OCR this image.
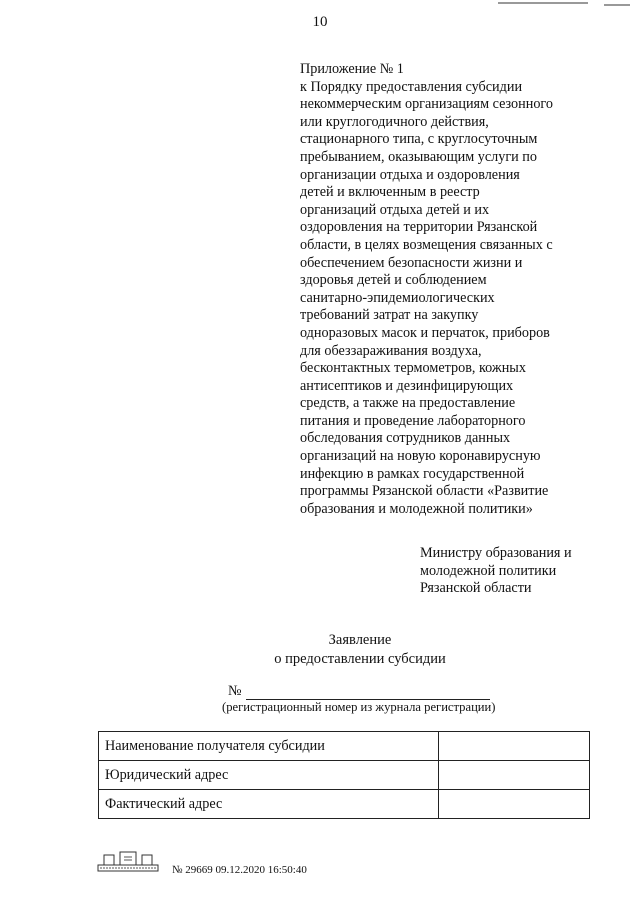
10
Приложение № 1
к Порядку предоставления субсидии
некоммерческим организациям сезонного
или круглогодичного действия,
стационарного типа, с круглосуточным
пребыванием, оказывающим услуги по
организации отдыха и оздоровления
детей и включенным в реестр
организаций отдыха детей и их
оздоровления на территории Рязанской
области, в целях возмещения связанных с
обеспечением безопасности жизни и
здоровья детей и соблюдением
санитарно-эпидемиологических
требований затрат на закупку
одноразовых масок и перчаток, приборов
для обеззараживания воздуха,
бесконтактных термометров, кожных
антисептиков и дезинфицирующих
средств, а также на предоставление
питания и проведение лабораторного
обследования сотрудников данных
организаций на новую коронавирусную
инфекцию в рамках государственной
программы Рязанской области «Развитие
образования и молодежной политики»
Министру образования и
молодежной политики
Рязанской области
Заявление
о предоставлении субсидии
№
(регистрационный номер из журнала регистрации)
Наименование получателя субсидии	
Юридический адрес	
Фактический адрес	
№ 29669 09.12.2020 16:50:40
